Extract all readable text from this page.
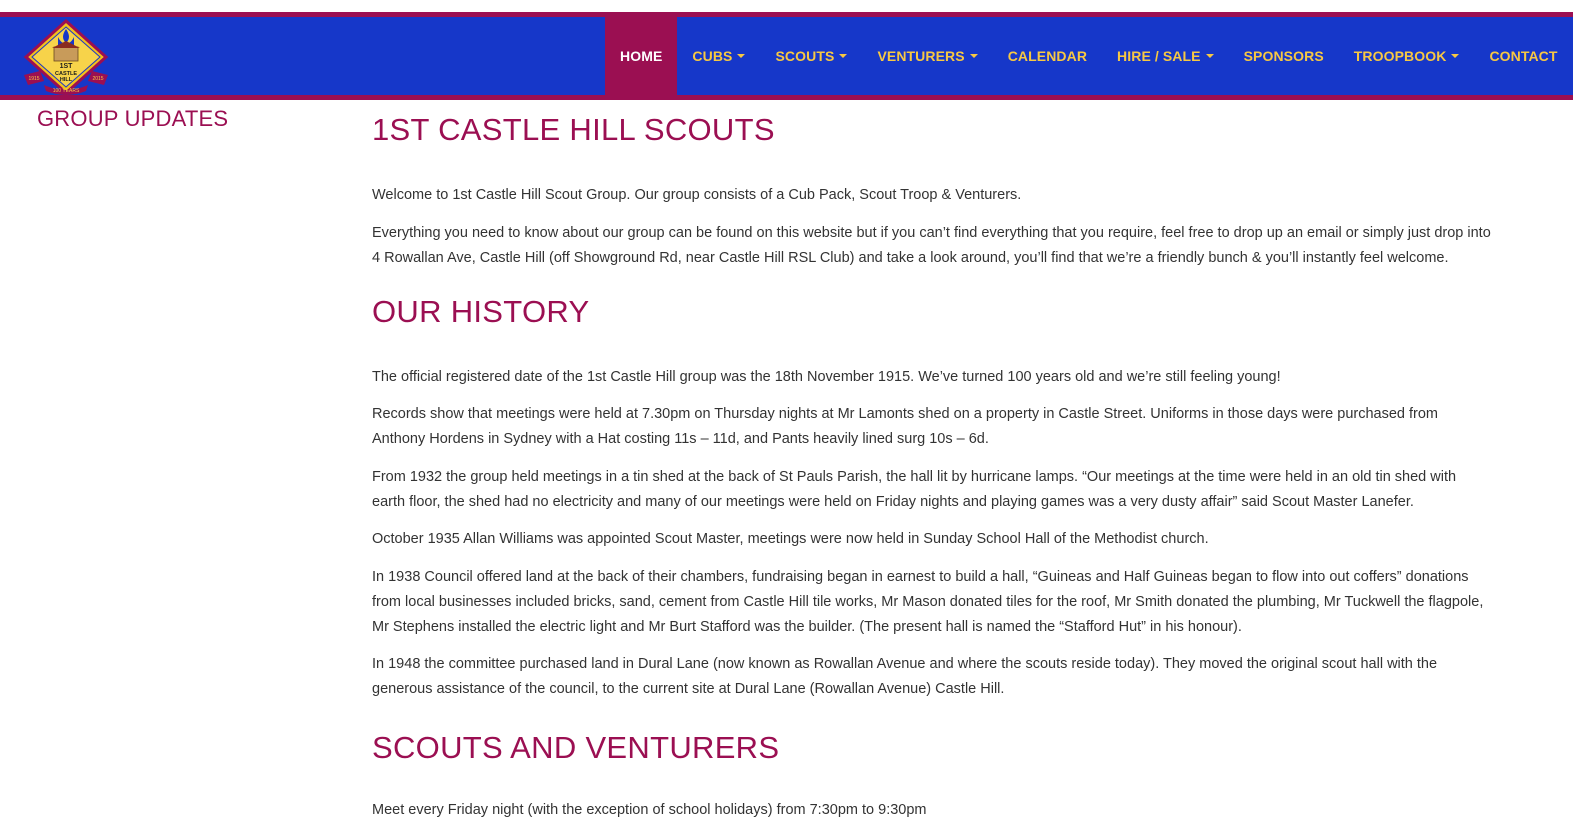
1ST
CASTLE
HILL
1915	2015
100 YEARS
HOME CUBS	SCOUTS	VENTURERS	CALENDAR HIRE / SALE	SPONSORS TROOPBOOK	CONTACT
GROUP UPDATES	1ST CASTLE HILL SCOUTS

Welcome to 1st Castle Hill Scout Group. Our group consists of a Cub Pack, Scout Troop & Venturers.

Everything you need to know about our group can be found on this website but if you can’t find everything that you require, feel free to drop up an email or simply just drop into 4 Rowallan Ave, Castle Hill (off Showground Rd, near Castle Hill RSL Club) and take a look around, you’ll find that we’re a friendly bunch & you’ll instantly feel welcome.

OUR HISTORY

The official registered date of the 1st Castle Hill group was the 18th November 1915. We’ve turned 100 years old and we’re still feeling young!

Records show that meetings were held at 7.30pm on Thursday nights at Mr Lamonts shed on a property in Castle Street. Uniforms in those days were purchased from Anthony Hordens in Sydney with a Hat costing 11s – 11d, and Pants heavily lined surg 10s – 6d.

From 1932 the group held meetings in a tin shed at the back of St Pauls Parish, the hall lit by hurricane lamps. “Our meetings at the time were held in an old tin shed with earth floor, the shed had no electricity and many of our meetings were held on Friday nights and playing games was a very dusty affair” said Scout Master Lanefer.

October 1935 Allan Williams was appointed Scout Master, meetings were now held in Sunday School Hall of the Methodist church.

In 1938 Council offered land at the back of their chambers, fundraising began in earnest to build a hall, “Guineas and Half Guineas began to flow into out coffers” donations from local businesses included bricks, sand, cement from Castle Hill tile works, Mr Mason donated tiles for the roof, Mr Smith donated the plumbing, Mr Tuckwell the flagpole, Mr Stephens installed the electric light and Mr Burt Stafford was the builder. (The present hall is named the “Stafford Hut” in his honour).

In 1948 the committee purchased land in Dural Lane (now known as Rowallan Avenue and where the scouts reside today). They moved the original scout hall with the generous assistance of the council, to the current site at Dural Lane (Rowallan Avenue) Castle Hill.

SCOUTS AND VENTURERS

Meet every Friday night (with the exception of school holidays) from 7:30pm to 9:30pm
